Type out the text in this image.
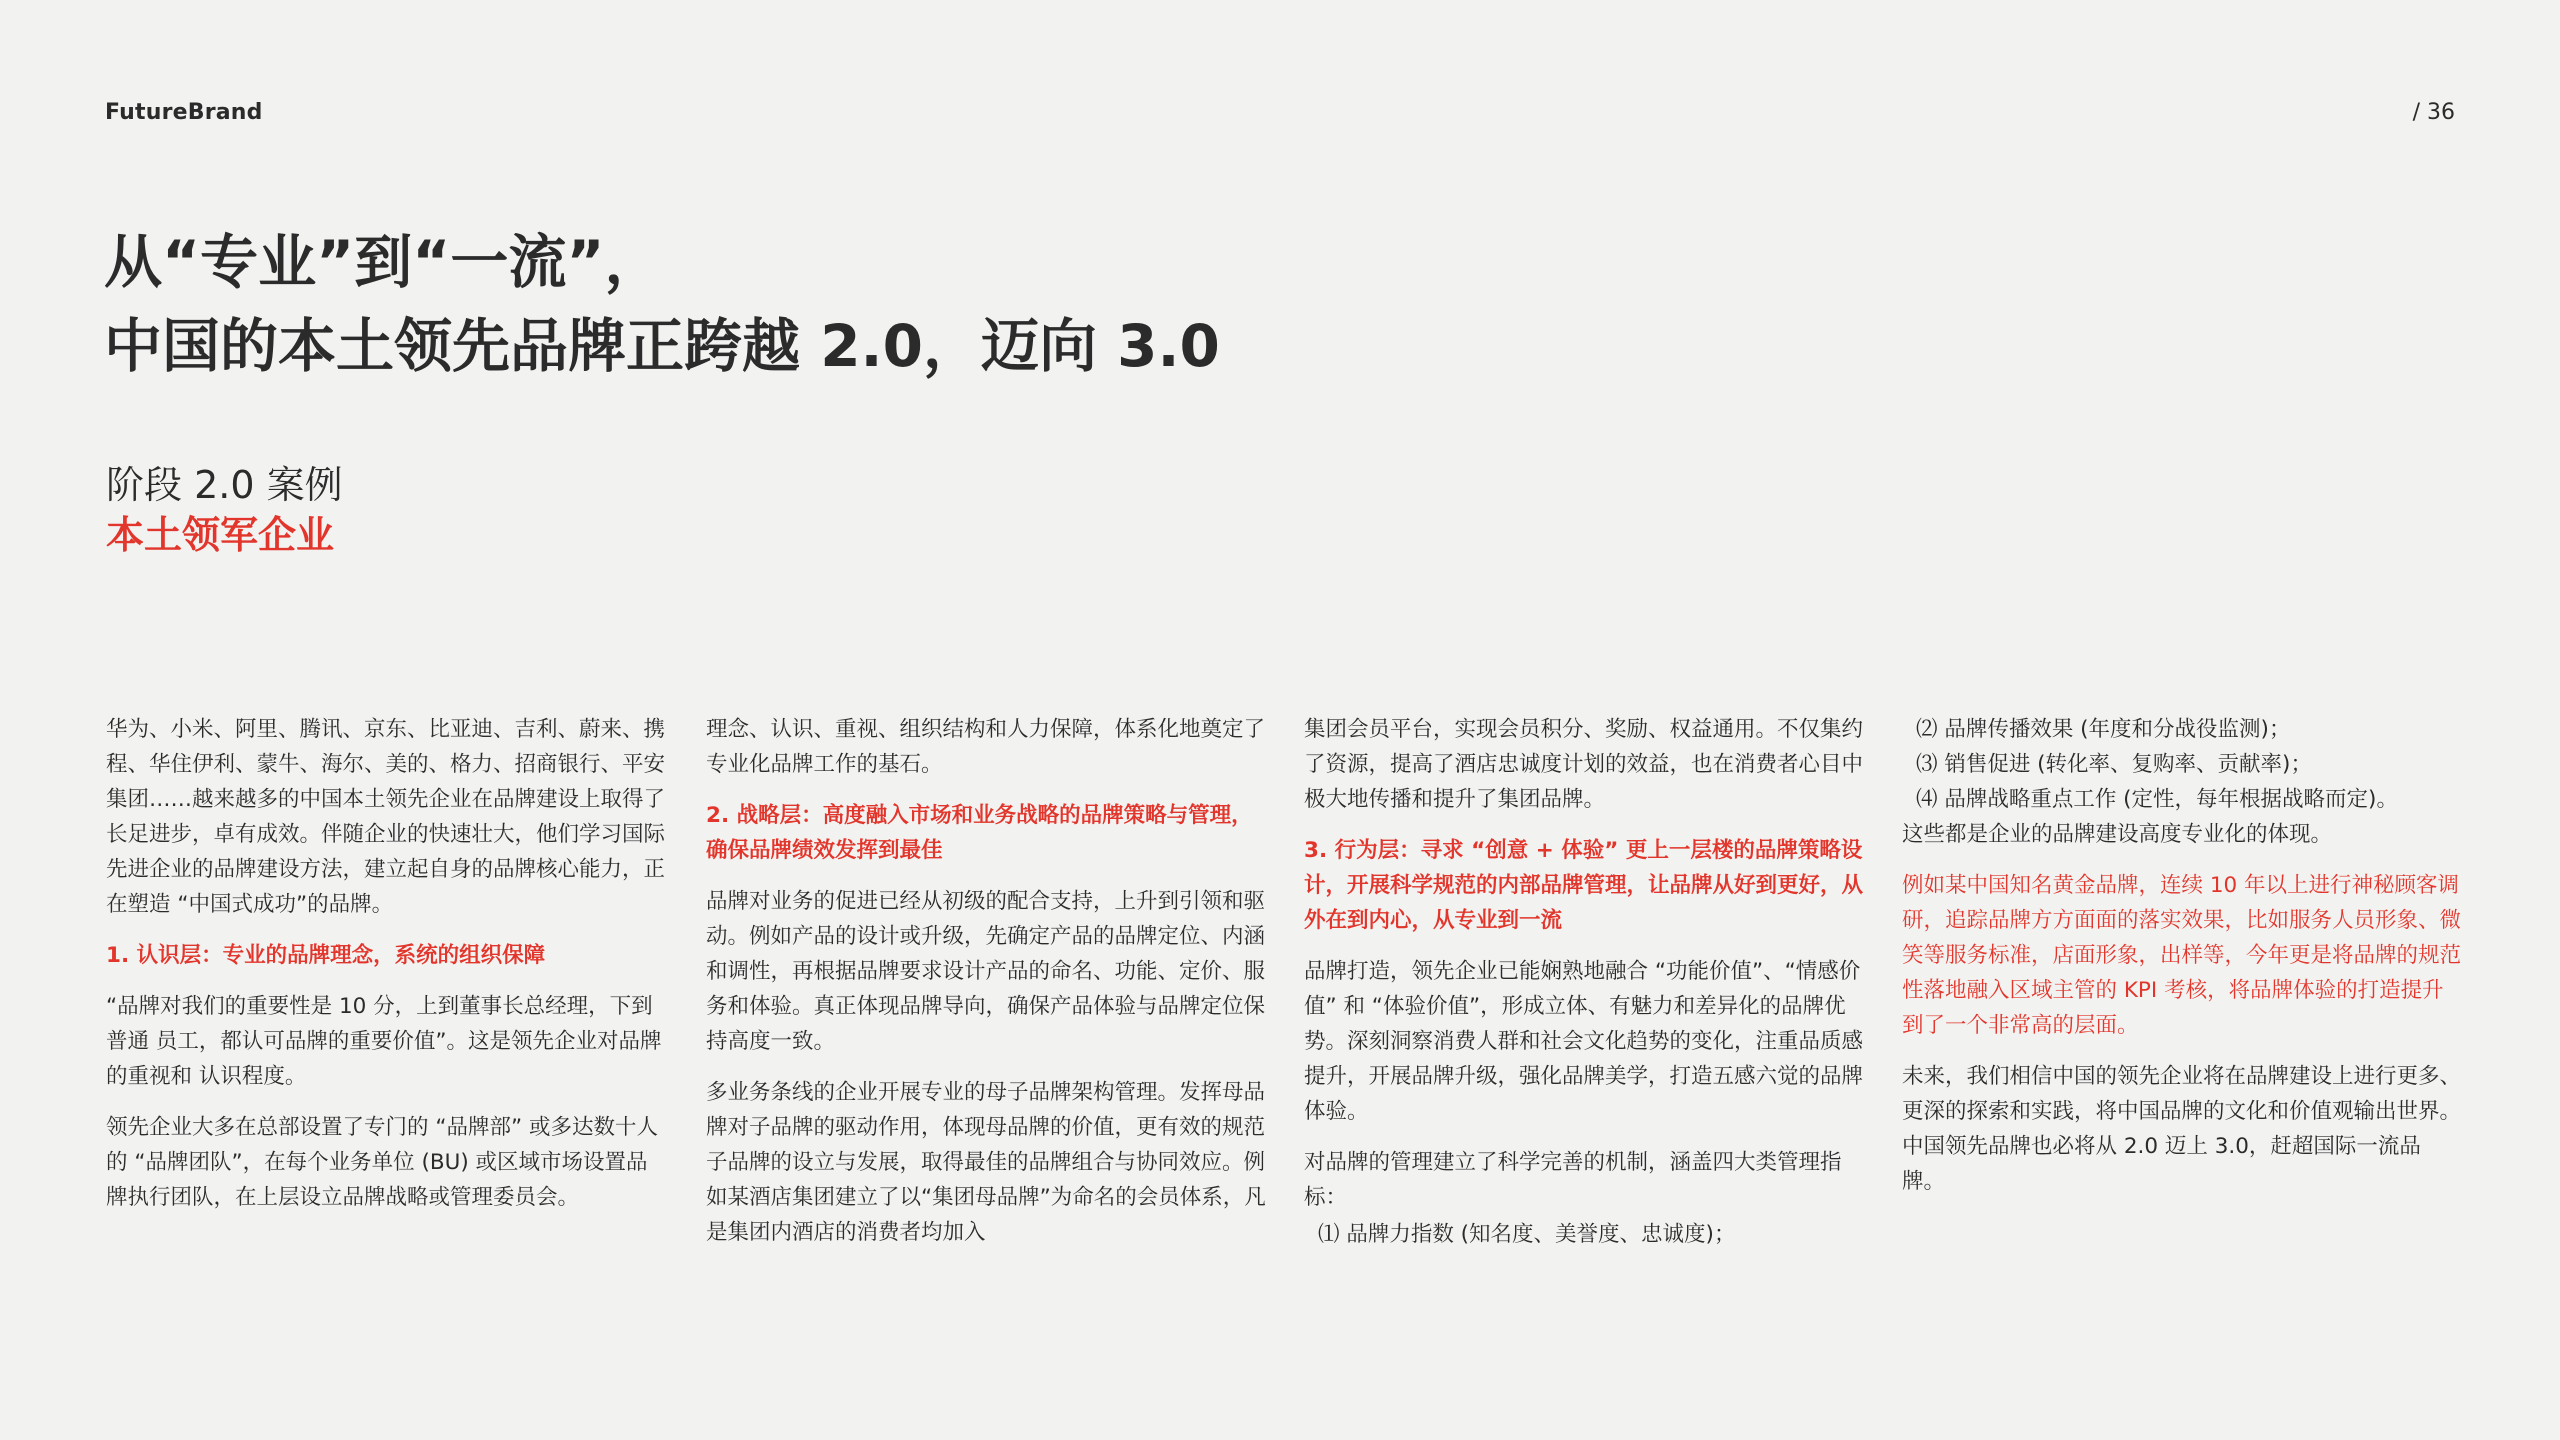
FutureBrand	/ 36
从“专业”到“一流”，
中国的本土领先品牌正跨越 2.0，迈向 3.0
阶段 2.0 案例
本土领军企业

华为、小米、阿里、腾讯、京东、比亚迪、吉利、蔚来、携程、华住伊利、蒙牛、海尔、美的、格力、招商银行、平安集团……越来越多的中国本土领先企业在品牌建设上取得了长足进步，卓有成效。伴随企业的快速壮大，他们学习国际先进企业的品牌建设方法，建立起自身的品牌核心能力，正在塑造 “中国式成功”的品牌。

1. 认识层：专业的品牌理念，系统的组织保障

“品牌对我们的重要性是 10 分，上到董事长总经理，下到普通 员工，都认可品牌的重要价值”。这是领先企业对品牌的重视和 认识程度。

领先企业大多在总部设置了专门的 “品牌部” 或多达数十人的 “品牌团队”，在每个业务单位 (BU) 或区域市场设置品牌执行团队，在上层设立品牌战略或管理委员会。

理念、认识、重视、组织结构和人力保障，体系化地奠定了专业化品牌工作的基石。

2. 战略层：高度融入市场和业务战略的品牌策略与管理，确保品牌绩效发挥到最佳

品牌对业务的促进已经从初级的配合支持，上升到引领和驱动。例如产品的设计或升级，先确定产品的品牌定位、内涵和调性，再根据品牌要求设计产品的命名、功能、定价、服务和体验。真正体现品牌导向，确保产品体验与品牌定位保持高度一致。

多业务条线的企业开展专业的母子品牌架构管理。发挥母品牌对子品牌的驱动作用，体现母品牌的价值，更有效的规范子品牌的设立与发展，取得最佳的品牌组合与协同效应。例如某酒店集团建立了以“集团母品牌”为命名的会员体系，凡是集团内酒店的消费者均加入

集团会员平台，实现会员积分、奖励、权益通用。不仅集约了资源，提高了酒店忠诚度计划的效益，也在消费者心目中极大地传播和提升了集团品牌。

3. 行为层：寻求 “创意 + 体验” 更上一层楼的品牌策略设计，开展科学规范的内部品牌管理，让品牌从好到更好，从外在到内心，从专业到一流

品牌打造，领先企业已能娴熟地融合 “功能价值”、“情感价值” 和 “体验价值”，形成立体、有魅力和差异化的品牌优势。深刻洞察消费人群和社会文化趋势的变化，注重品质感提升，开展品牌升级，强化品牌美学，打造五感六觉的品牌体验。

对品牌的管理建立了科学完善的机制，涵盖四大类管理指标：

⑴ 品牌力指数 (知名度、美誉度、忠诚度)；

⑵ 品牌传播效果 (年度和分战役监测)；

⑶ 销售促进 (转化率、复购率、贡献率)；

⑷ 品牌战略重点工作 (定性，每年根据战略而定)。

这些都是企业的品牌建设高度专业化的体现。

例如某中国知名黄金品牌，连续 10 年以上进行神秘顾客调研，追踪品牌方方面面的落实效果，比如服务人员形象、微笑等服务标准，店面形象，出样等，今年更是将品牌的规范性落地融入区域主管的 KPI 考核，将品牌体验的打造提升到了一个非常高的层面。

未来，我们相信中国的领先企业将在品牌建设上进行更多、更深的探索和实践，将中国品牌的文化和价值观输出世界。中国领先品牌也必将从 2.0 迈上 3.0，赶超国际一流品牌。
